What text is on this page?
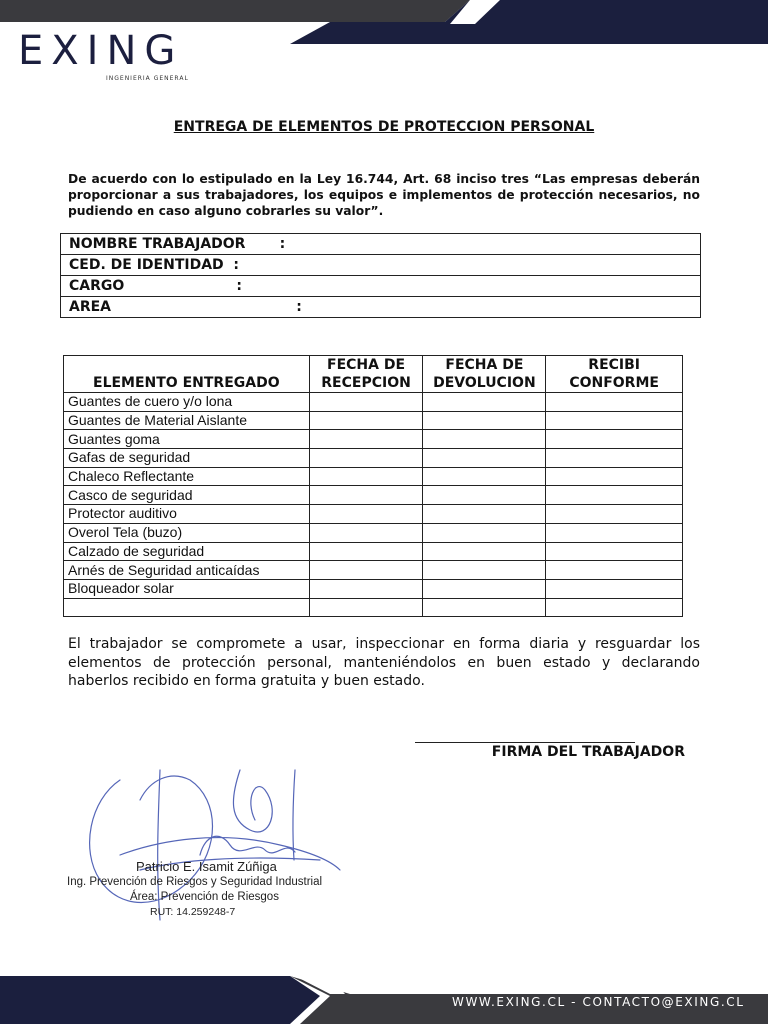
EXING
INGENIERIA GENERAL
ENTREGA DE ELEMENTOS DE PROTECCION PERSONAL
De acuerdo con lo estipulado en la Ley 16.744, Art. 68 inciso tres “Las empresas deberán proporcionar a sus trabajadores, los equipos e implementos de protección necesarios, no pudiendo en caso alguno cobrarles su valor”.
NOMBRE TRABAJADOR       :
CED. DE IDENTIDAD  :
CARGO                       :
AREA                                      :
ELEMENTO ENTREGADO	FECHA DE RECEPCION	FECHA DE DEVOLUCION	RECIBI CONFORME
Guantes de cuero y/o lona			
Guantes de Material Aislante			
Guantes goma			
Gafas de seguridad			
Chaleco Reflectante			
Casco de seguridad			
Protector auditivo			
Overol Tela (buzo)			
Calzado de seguridad			
Arnés de Seguridad anticaídas			
Bloqueador solar			

El trabajador se compromete a usar, inspeccionar en forma diaria y resguardar los elementos de protección personal, manteniéndolos en buen estado y declarando haberlos recibido en forma gratuita y buen estado.
FIRMA DEL TRABAJADOR
Patricio E. Isamit Zúñiga
Ing. Prevención de Riesgos y Seguridad Industrial
Área: Prevención de Riesgos
RUT: 14.259248-7
WWW.EXING.CL - CONTACTO@EXING.CL
